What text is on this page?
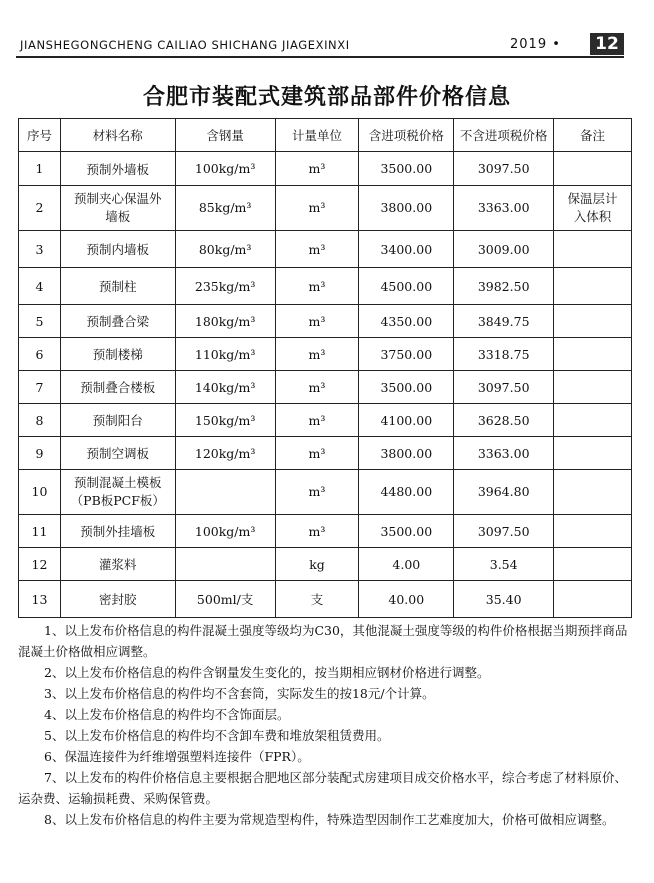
JIANSHEGONGCHENG CAILIAO SHICHANG JIAGEXINXI	2019 •	12
合肥市装配式建筑部品部件价格信息
序号	材料名称	含钢量	计量单位	含进项税价格	不含进项税价格	备注
1	预制外墙板	100kg/m³	m³	3500.00	3097.50	
2	预制夹心保温外墙板	85kg/m³	m³	3800.00	3363.00	保温层计入体积
3	预制内墙板	80kg/m³	m³	3400.00	3009.00	
4	预制柱	235kg/m³	m³	4500.00	3982.50	
5	预制叠合梁	180kg/m³	m³	4350.00	3849.75	
6	预制楼梯	110kg/m³	m³	3750.00	3318.75	
7	预制叠合楼板	140kg/m³	m³	3500.00	3097.50	
8	预制阳台	150kg/m³	m³	4100.00	3628.50	
9	预制空调板	120kg/m³	m³	3800.00	3363.00	
10	预制混凝土模板（PB板PCF板）		m³	4480.00	3964.80	
11	预制外挂墙板	100kg/m³	m³	3500.00	3097.50	
12	灌浆料		kg	4.00	3.54	
13	密封胶	500ml/支	支	40.00	35.40	

1、以上发布价格信息的构件混凝土强度等级均为C30，其他混凝土强度等级的构件价格根据当期预拌商品混凝土价格做相应调整。

2、以上发布价格信息的构件含钢量发生变化的，按当期相应钢材价格进行调整。

3、以上发布价格信息的构件均不含套筒，实际发生的按18元/个计算。

4、以上发布价格信息的构件均不含饰面层。

5、以上发布价格信息的构件均不含卸车费和堆放架租赁费用。

6、保温连接件为纤维增强塑料连接件（FPR）。

7、以上发布的构件价格信息主要根据合肥地区部分装配式房建项目成交价格水平，综合考虑了材料原价、运杂费、运输损耗费、采购保管费。

8、以上发布价格信息的构件主要为常规造型构件，特殊造型因制作工艺难度加大，价格可做相应调整。
